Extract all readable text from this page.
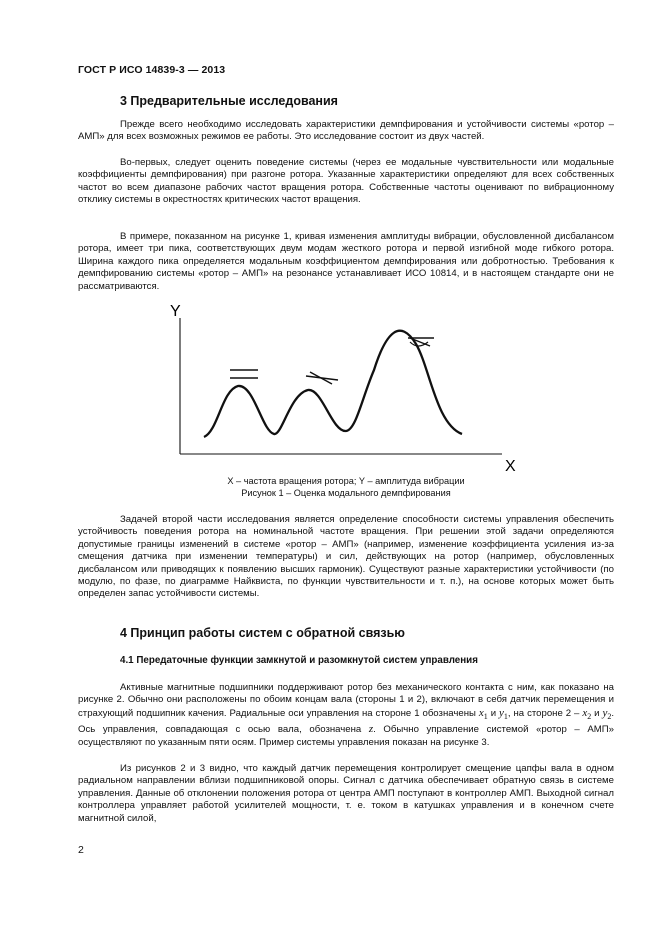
ГОСТ Р ИСО 14839-3 — 2013
3 Предварительные исследования
Прежде всего необходимо исследовать характеристики демпфирования и устойчивости системы «ротор – АМП» для всех возможных режимов ее работы. Это исследование состоит из двух частей.
Во-первых, следует оценить поведение системы (через ее модальные чувствительности или модальные коэффициенты демпфирования) при разгоне ротора. Указанные характеристики определяют для всех собственных частот во всем диапазоне рабочих частот вращения ротора. Собственные частоты оценивают по вибрационному отклику системы в окрестностях критических частот вращения.
В примере, показанном на рисунке 1, кривая изменения амплитуды вибрации, обусловленной дисбалансом ротора, имеет три пика, соответствующих двум модам жесткого ротора и первой изгибной моде гибкого ротора. Ширина каждого пика определяется модальным коэффициентом демпфирования или добротностью. Требования к демпфированию системы «ротор – АМП» на резонансе устанавливает ИСО 10814, и в настоящем стандарте они не рассматриваются.
Y
X
X – частота вращения ротора; Y – амплитуда вибрации
Рисунок 1 – Оценка модального демпфирования
Задачей второй части исследования является определение способности системы управления обеспечить устойчивость поведения ротора на номинальной частоте вращения. При решении этой задачи определяются допустимые границы изменений в системе «ротор – АМП» (например, изменение коэффициента усиления из-за смещения датчика при изменении температуры) и сил, действующих на ротор (например, обусловленных дисбалансом или приводящих к появлению высших гармоник). Существуют разные характеристики устойчивости (по модулю, по фазе, по диаграмме Найквиста, по функции чувствительности и т. п.), на основе которых может быть определен запас устойчивости системы.
4 Принцип работы систем с обратной связью
4.1 Передаточные функции замкнутой и разомкнутой систем управления
Активные магнитные подшипники поддерживают ротор без механического контакта с ним, как показано на рисунке 2. Обычно они расположены по обоим концам вала (стороны 1 и 2), включают в себя датчик перемещения и страхующий подшипник качения. Радиальные оси управления на стороне 1 обозначены $x_1$ и $y_1$, на стороне $2 - x_2$ и $y_2$. Ось управления, совпадающая с осью вала, обозначена z. Обычно управление системой «ротор – АМП» осуществляют по указанным пяти осям. Пример системы управления показан на рисунке 3.
Из рисунков 2 и 3 видно, что каждый датчик перемещения контролирует смещение цапфы вала в одном радиальном направлении вблизи подшипниковой опоры. Сигнал с датчика обеспечивает обратную связь в системе управления. Данные об отклонении положения ротора от центра АМП поступают в контроллер АМП. Выходной сигнал контроллера управляет работой усилителей мощности, т. е. током в катушках управления и в конечном счете магнитной силой,
2
